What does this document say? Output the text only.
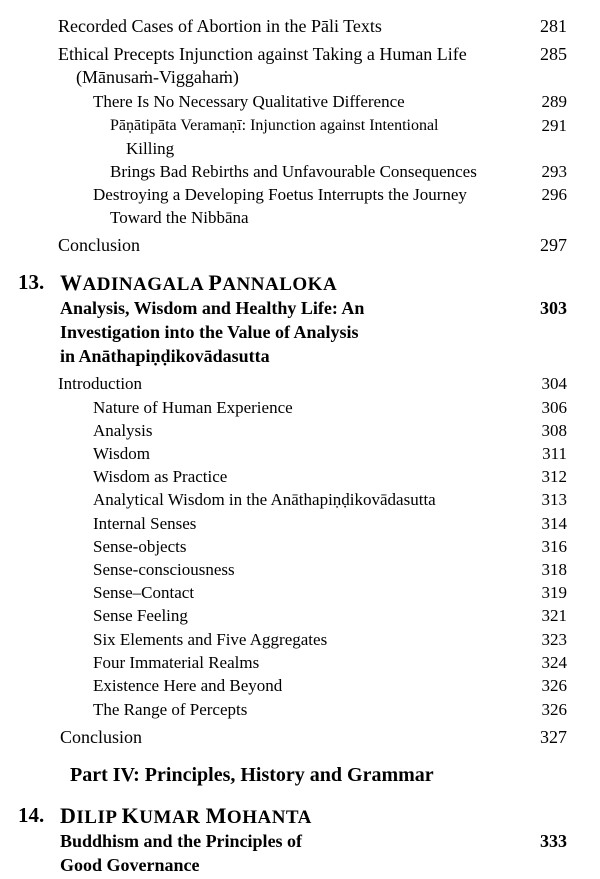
Recorded Cases of Abortion in the Pāli Texts	281
Ethical Precepts Injunction against Taking a Human Life	285
(Mānusaṁ-Viggahaṁ)
There Is No Necessary Qualitative Difference	289
Pāṇātipāta Veramaṇī: Injunction against Intentional	291
Killing
Brings Bad Rebirths and Unfavourable Consequences	293
Destroying a Developing Foetus Interrupts the Journey	296
Toward the Nibbāna
Conclusion	297
13. WADINAGALA PANNALOKA
Analysis, Wisdom and Healthy Life: An	303
Investigation into the Value of Analysis
in Anāthapiṇḍikovādasutta
Introduction	304
Nature of Human Experience	306
Analysis	308
Wisdom	311
Wisdom as Practice	312
Analytical Wisdom in the Anāthapiṇḍikovādasutta	313
Internal Senses	314
Sense-objects	316
Sense-consciousness	318
Sense–Contact	319
Sense Feeling	321
Six Elements and Five Aggregates	323
Four Immaterial Realms	324
Existence Here and Beyond	326
The Range of Percepts	326
Conclusion	327
Part IV: Principles, History and Grammar
14. DILIP KUMAR MOHANTA
Buddhism and the Principles of	333
Good Governance
